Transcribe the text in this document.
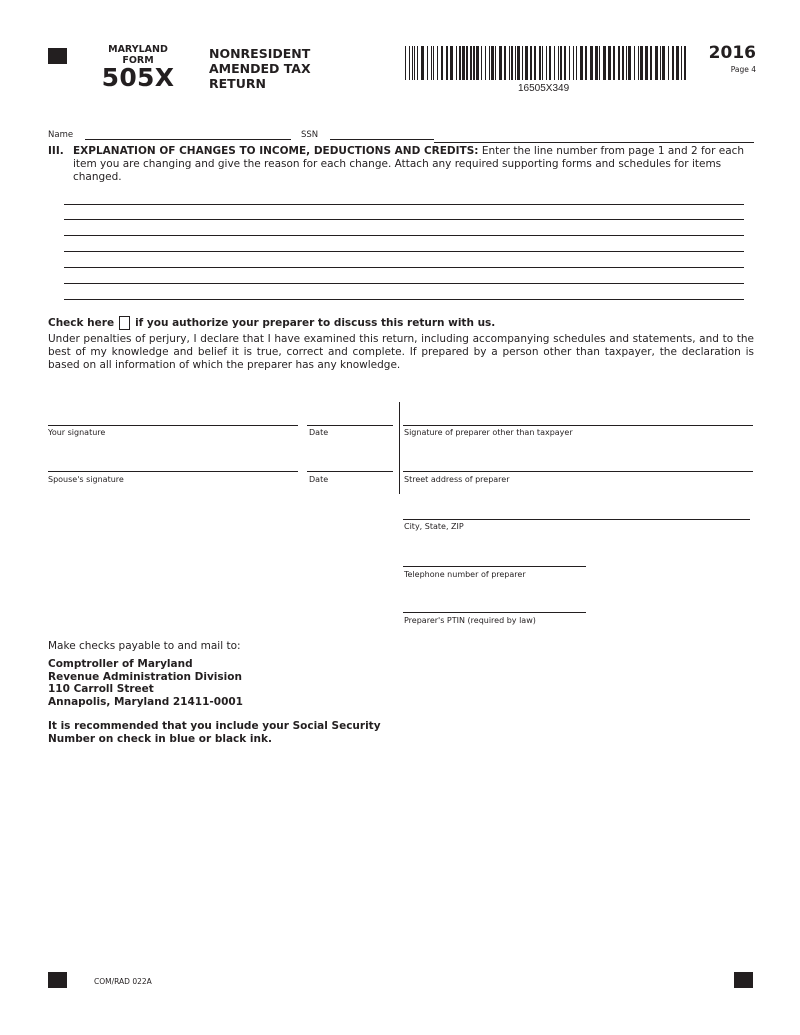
MARYLAND
FORM
505X
NONRESIDENT
AMENDED TAX
RETURN	16505X349
2016
Page 4
Name	SSN
III. EXPLANATION OF CHANGES TO INCOME, DEDUCTIONS AND CREDITS: Enter the line number from page 1 and 2 for each
item you are changing and give the reason for each change. Attach any required supporting forms and schedules for items changed.
Check here if you authorize your preparer to discuss this return with us.
Under penalties of perjury, I declare that I have examined this return, including accompanying schedules and statements, and to the best of my knowledge and belief it is true, correct and complete. If prepared by a person other than taxpayer, the declaration is based on all information of which the preparer has any knowledge.
Your signature	Date
Spouse's signature	Date
Signature of preparer other than taxpayer
Street address of preparer
City, State, ZIP
Telephone number of preparer
Preparer's PTIN (required by law)
Make checks payable to and mail to:
Comptroller of Maryland
Revenue Administration Division
110 Carroll Street
Annapolis, Maryland 21411-0001
It is recommended that you include your Social Security
Number on check in blue or black ink.
COM/RAD 022A
